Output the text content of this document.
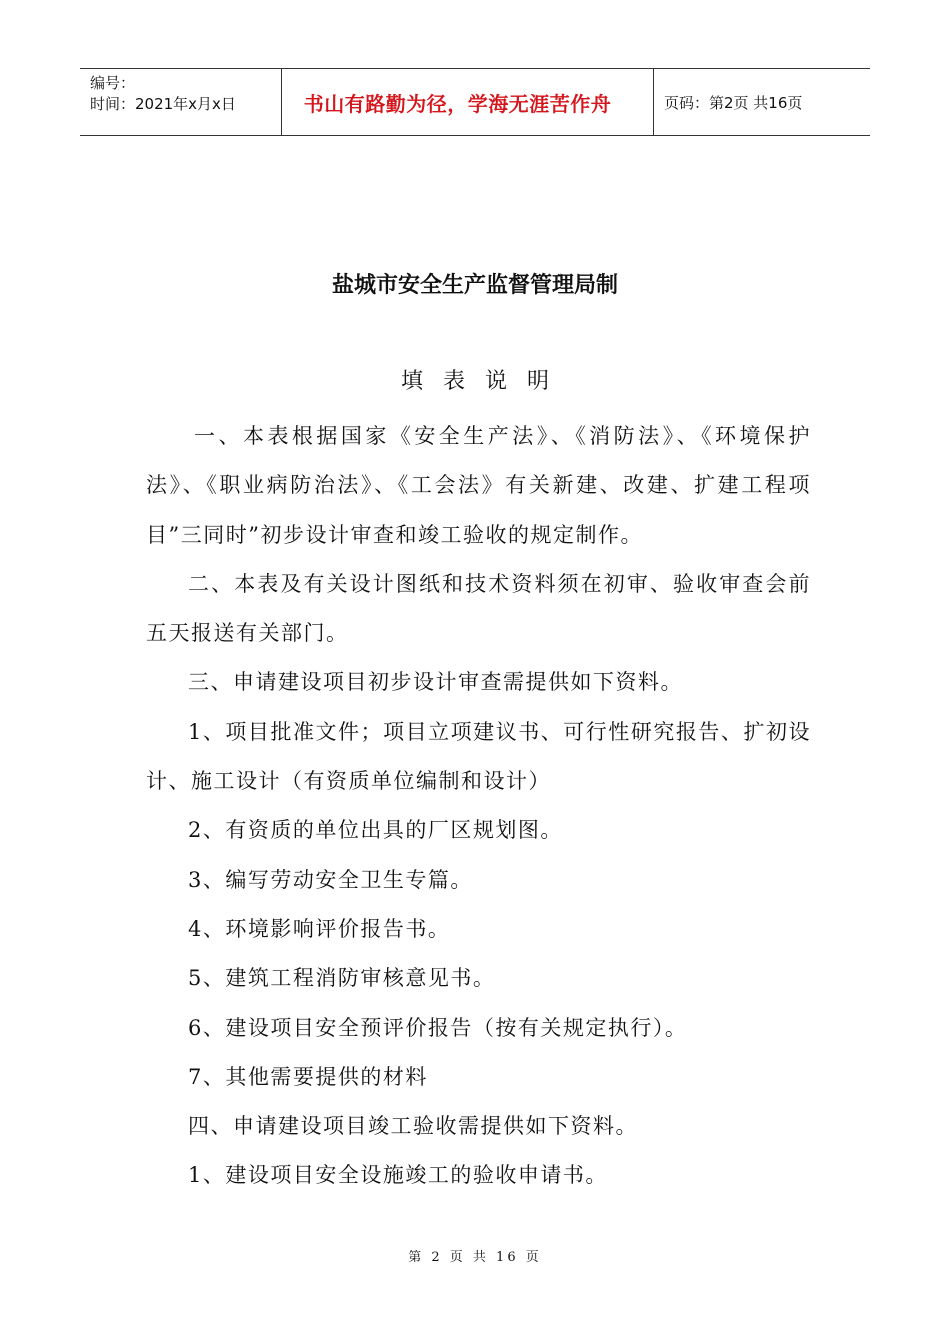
编号：
时间：2021年x月x日	书山有路勤为径，学海无涯苦作舟	页码：第2页 共16页
盐城市安全生产监督管理局制
填表说明

一、本表根据国家《安全生产法》、《消防法》、《环境保护法》、《职业病防治法》、《工会法》有关新建、改建、扩建工程项目”三同时”初步设计审查和竣工验收的规定制作。

二、本表及有关设计图纸和技术资料须在初审、验收审查会前五天报送有关部门。

三、申请建设项目初步设计审查需提供如下资料。

1、项目批准文件；项目立项建议书、可行性研究报告、扩初设计、施工设计（有资质单位编制和设计）

2、有资质的单位出具的厂区规划图。

3、编写劳动安全卫生专篇。

4、环境影响评价报告书。

5、建筑工程消防审核意见书。

6、建设项目安全预评价报告（按有关规定执行）。

7、其他需要提供的材料

四、申请建设项目竣工验收需提供如下资料。

1、建设项目安全设施竣工的验收申请书。

第 2 页 共 16 页
